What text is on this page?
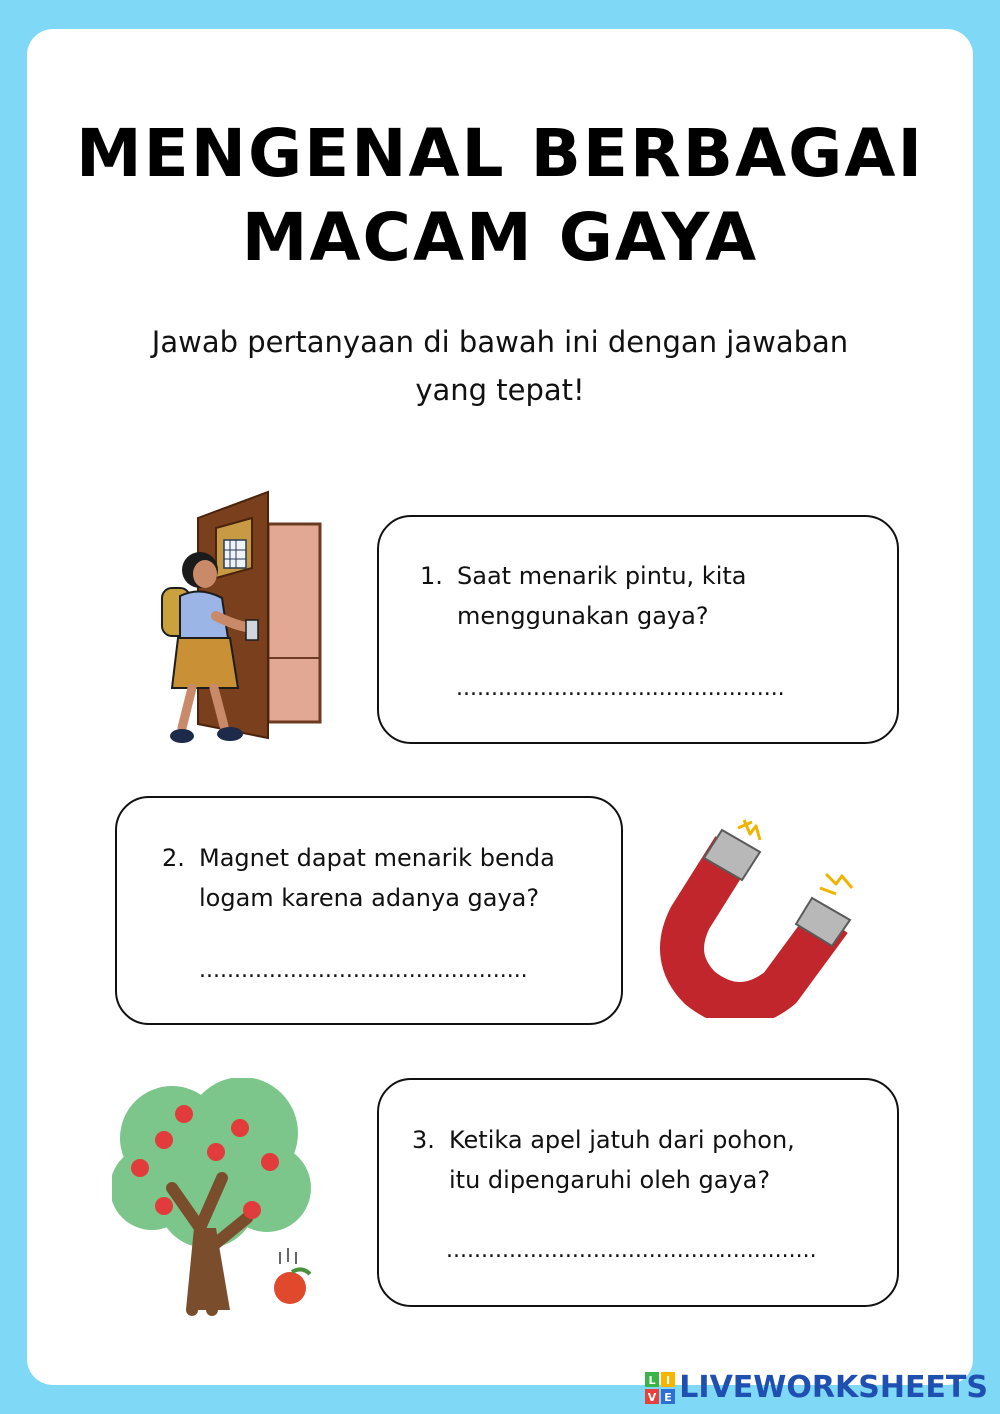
MENGENAL BERBAGAI
MACAM GAYA
Jawab pertanyaan di bawah ini dengan jawaban
yang tepat!
1. Saat menarik pintu, kita
menggunakan gaya?
...............................................
2. Magnet dapat menarik benda
logam karena adanya gaya?
...............................................
3. Ketika apel jatuh dari pohon,
itu dipengaruhi oleh gaya?
.....................................................
L I
V E LIVEWORKSHEETS
